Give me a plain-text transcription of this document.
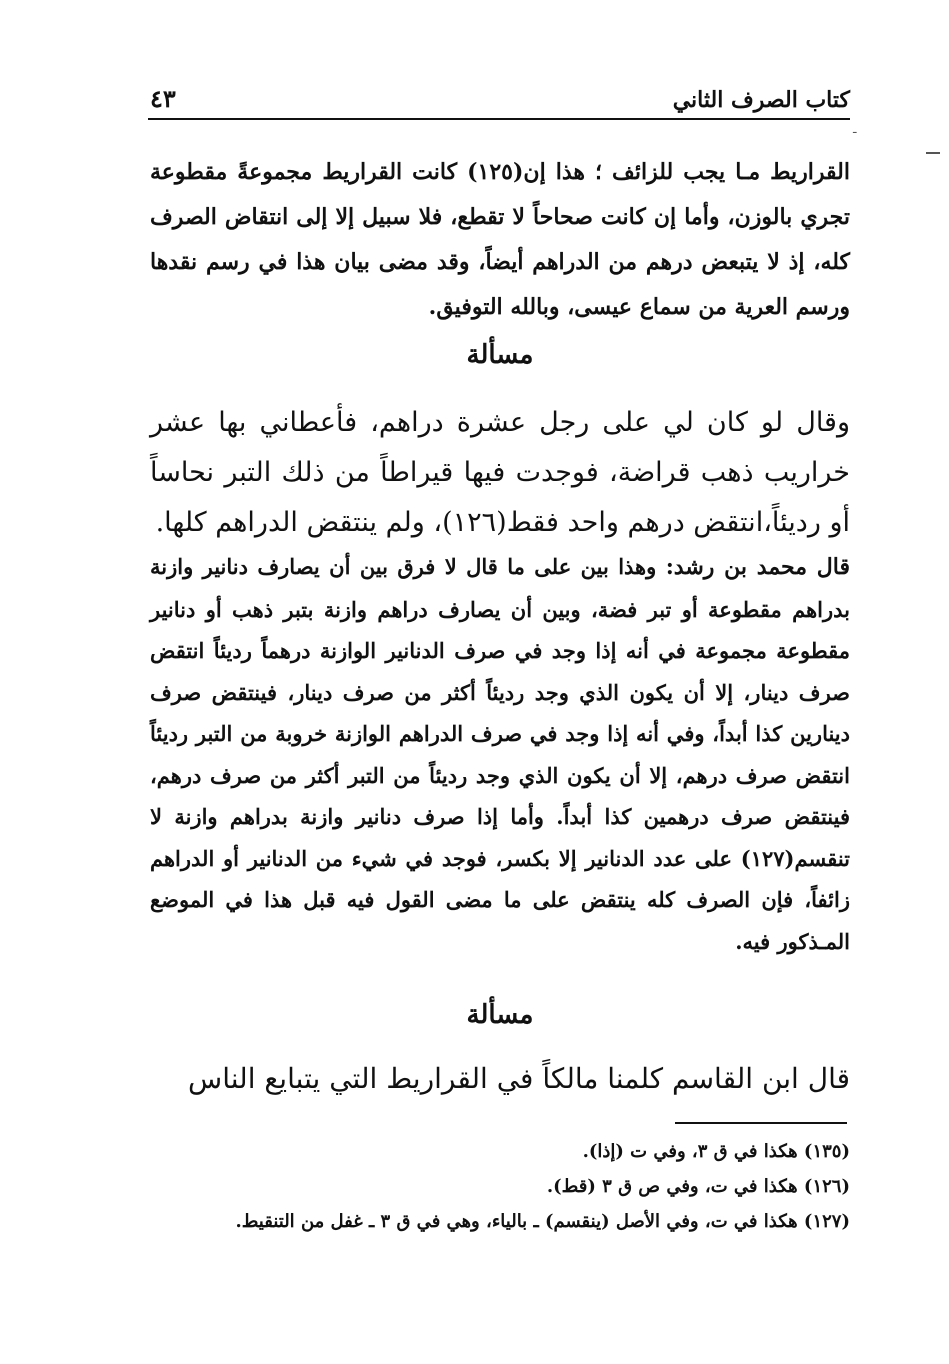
كتاب الصرف الثاني
٤٣
ـ

القراريط مـا يجب للزائف ؛ هذا إن(١٢٥) كانت القراريط مجموعةً مقطوعة تجري بالوزن، وأما إن كانت صحاحاً لا تقطع، فلا سبيل إلا إلى انتقاض الصرف كله، إذ لا يتبعض درهم من الدراهم أيضاً، وقد مضى بيان هذا في رسم نقدها ورسم العرية من سماع عيسى، وبالله التوفيق.

مسألة

وقال لو كان لي على رجل عشرة دراهم، فأعطاني بها عشر خراريب ذهب قراضة، فوجدت فيها قيراطاً من ذلك التبر نحاساً أو رديئاً،انتقض درهم واحد فقط(١٢٦)، ولم ينتقض الدراهم كلها.

قال محمد بن رشد: وهذا بين على ما قال لا فرق بين أن يصارف دنانير وازنة بدراهم مقطوعة أو تبر فضة، وبين أن يصارف دراهم وازنة بتبر ذهب أو دنانير مقطوعة مجموعة في أنه إذا وجد في صرف الدنانير الوازنة درهماً رديئاً انتقض صرف دينار، إلا أن يكون الذي وجد رديئاً أكثر من صرف دينار، فينتقض صرف دينارين كذا أبداً، وفي أنه إذا وجد في صرف الدراهم الوازنة خروبة من التبر رديئاً انتقض صرف درهم، إلا أن يكون الذي وجد رديئاً من التبر أكثر من صرف درهم، فينتقض صرف درهمين كذا أبداً. وأما إذا صرف دنانير وازنة بدراهم وازنة لا تنقسم(١٢٧) على عدد الدنانير إلا بكسر، فوجد في شيء من الدنانير أو الدراهم زائفاً، فإن الصرف كله ينتقض على ما مضى القول فيه قبل هذا في الموضع المـذكور فيه.

مسألة

قال ابن القاسم كلمنا مالكاً في القراريط التي يتبايع الناس

(١٣٥) هكذا في ق ٣، وفي ت (إذا).
(١٢٦) هكذا في ت، وفي ص ق ٣ (قط).
(١٢٧) هكذا في ت، وفي الأصل (ينقسم) ـ بالياء، وهي في ق ٣ ـ غفل من التنقيط.
